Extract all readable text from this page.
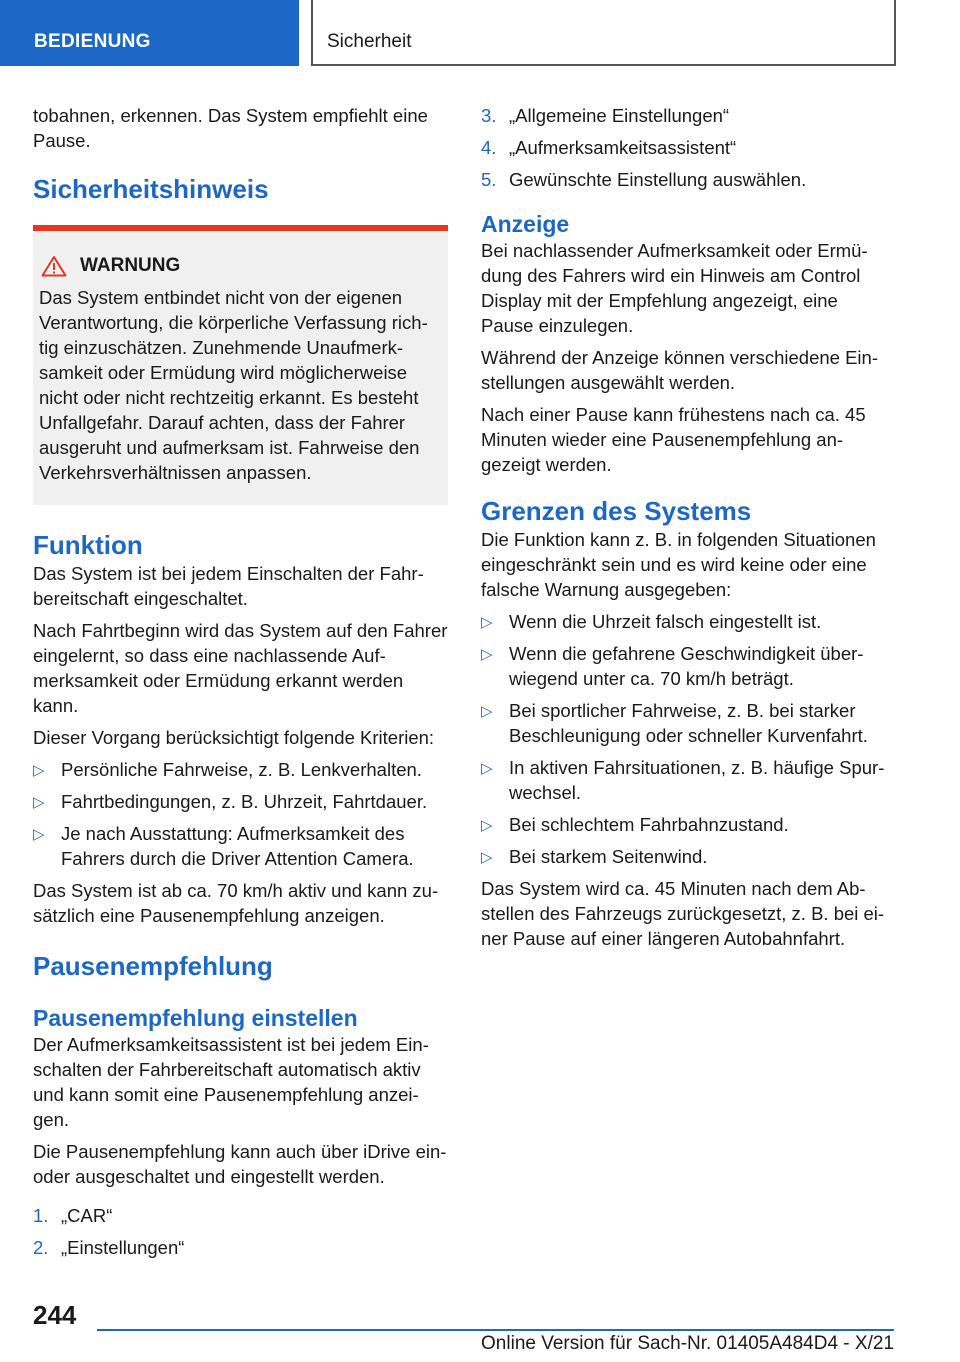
BEDIENUNG	Sicherheit

tobahnen, erkennen. Das System empfiehlt eine Pause.

Sicherheitshinweis
WARNUNG

Das System entbindet nicht von der eigenen Verantwortung, die körperliche Verfassung richtig einzuschätzen. Zunehmende Unaufmerksamkeit oder Ermüdung wird möglicherweise nicht oder nicht rechtzeitig erkannt. Es besteht Unfallgefahr. Darauf achten, dass der Fahrer ausgeruht und aufmerksam ist. Fahrweise den Verkehrsverhältnissen anpassen.

Funktion

Das System ist bei jedem Einschalten der Fahrbereitschaft eingeschaltet.

Nach Fahrtbeginn wird das System auf den Fahrer eingelernt, so dass eine nachlassende Aufmerksamkeit oder Ermüdung erkannt werden kann.

Dieser Vorgang berücksichtigt folgende Kriterien:

▷ Persönliche Fahrweise, z. B. Lenkverhalten.
▷ Fahrtbedingungen, z. B. Uhrzeit, Fahrtdauer.
▷ Je nach Ausstattung: Aufmerksamkeit des Fahrers durch die Driver Attention Camera.

Das System ist ab ca. 70 km/h aktiv und kann zusätzlich eine Pausenempfehlung anzeigen.

Pausenempfehlung
Pausenempfehlung einstellen

Der Aufmerksamkeitsassistent ist bei jedem Einschalten der Fahrbereitschaft automatisch aktiv und kann somit eine Pausenempfehlung anzeigen.

Die Pausenempfehlung kann auch über iDrive ein- oder ausgeschaltet und eingestellt werden.

1. „CAR“
2. „Einstellungen“
3. „Allgemeine Einstellungen“
4. „Aufmerksamkeitsassistent“
5. Gewünschte Einstellung auswählen.
Anzeige

Bei nachlassender Aufmerksamkeit oder Ermüdung des Fahrers wird ein Hinweis am Control Display mit der Empfehlung angezeigt, eine Pause einzulegen.

Während der Anzeige können verschiedene Einstellungen ausgewählt werden.

Nach einer Pause kann frühestens nach ca. 45 Minuten wieder eine Pausenempfehlung angezeigt werden.

Grenzen des Systems

Die Funktion kann z. B. in folgenden Situationen eingeschränkt sein und es wird keine oder eine falsche Warnung ausgegeben:

▷ Wenn die Uhrzeit falsch eingestellt ist.
▷ Wenn die gefahrene Geschwindigkeit überwiegend unter ca. 70 km/h beträgt.
▷ Bei sportlicher Fahrweise, z. B. bei starker Beschleunigung oder schneller Kurvenfahrt.
▷ In aktiven Fahrsituationen, z. B. häufige Spurwechsel.
▷ Bei schlechtem Fahrbahnzustand.
▷ Bei starkem Seitenwind.

Das System wird ca. 45 Minuten nach dem Abstellen des Fahrzeugs zurückgesetzt, z. B. bei einer Pause auf einer längeren Autobahnfahrt.

244
Online Version für Sach-Nr. 01405A484D4 - X/21
